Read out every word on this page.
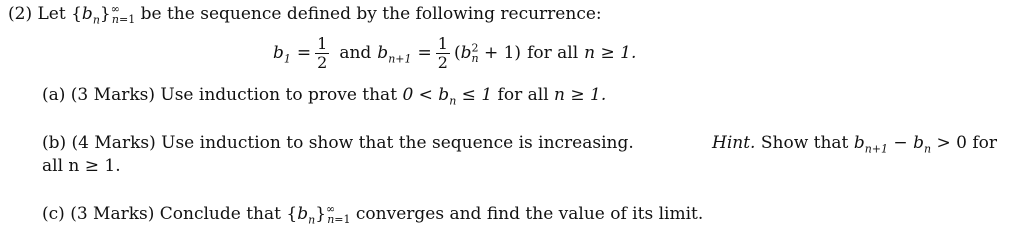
(2) Let $\{b_n\}^\infty_{n=1}$ be the sequence defined by the following recurrence:
$b_1 = \frac{1}{2}$ and $b_{n+1} = \frac{1}{2} (b^2_n + 1)$ for all n ≥ 1.
(a) (3 Marks) Use induction to prove that $0 < b_n \le 1$ for all n ≥ 1.
(b) (4 Marks) Use induction to show that the sequence is increasing.	Hint. Show that $b_{n+1} - b_n > 0$ for
all n ≥ 1.
(c) (3 Marks) Conclude that $\{b_n\}^\infty_{n=1}$ converges and find the value of its limit.
